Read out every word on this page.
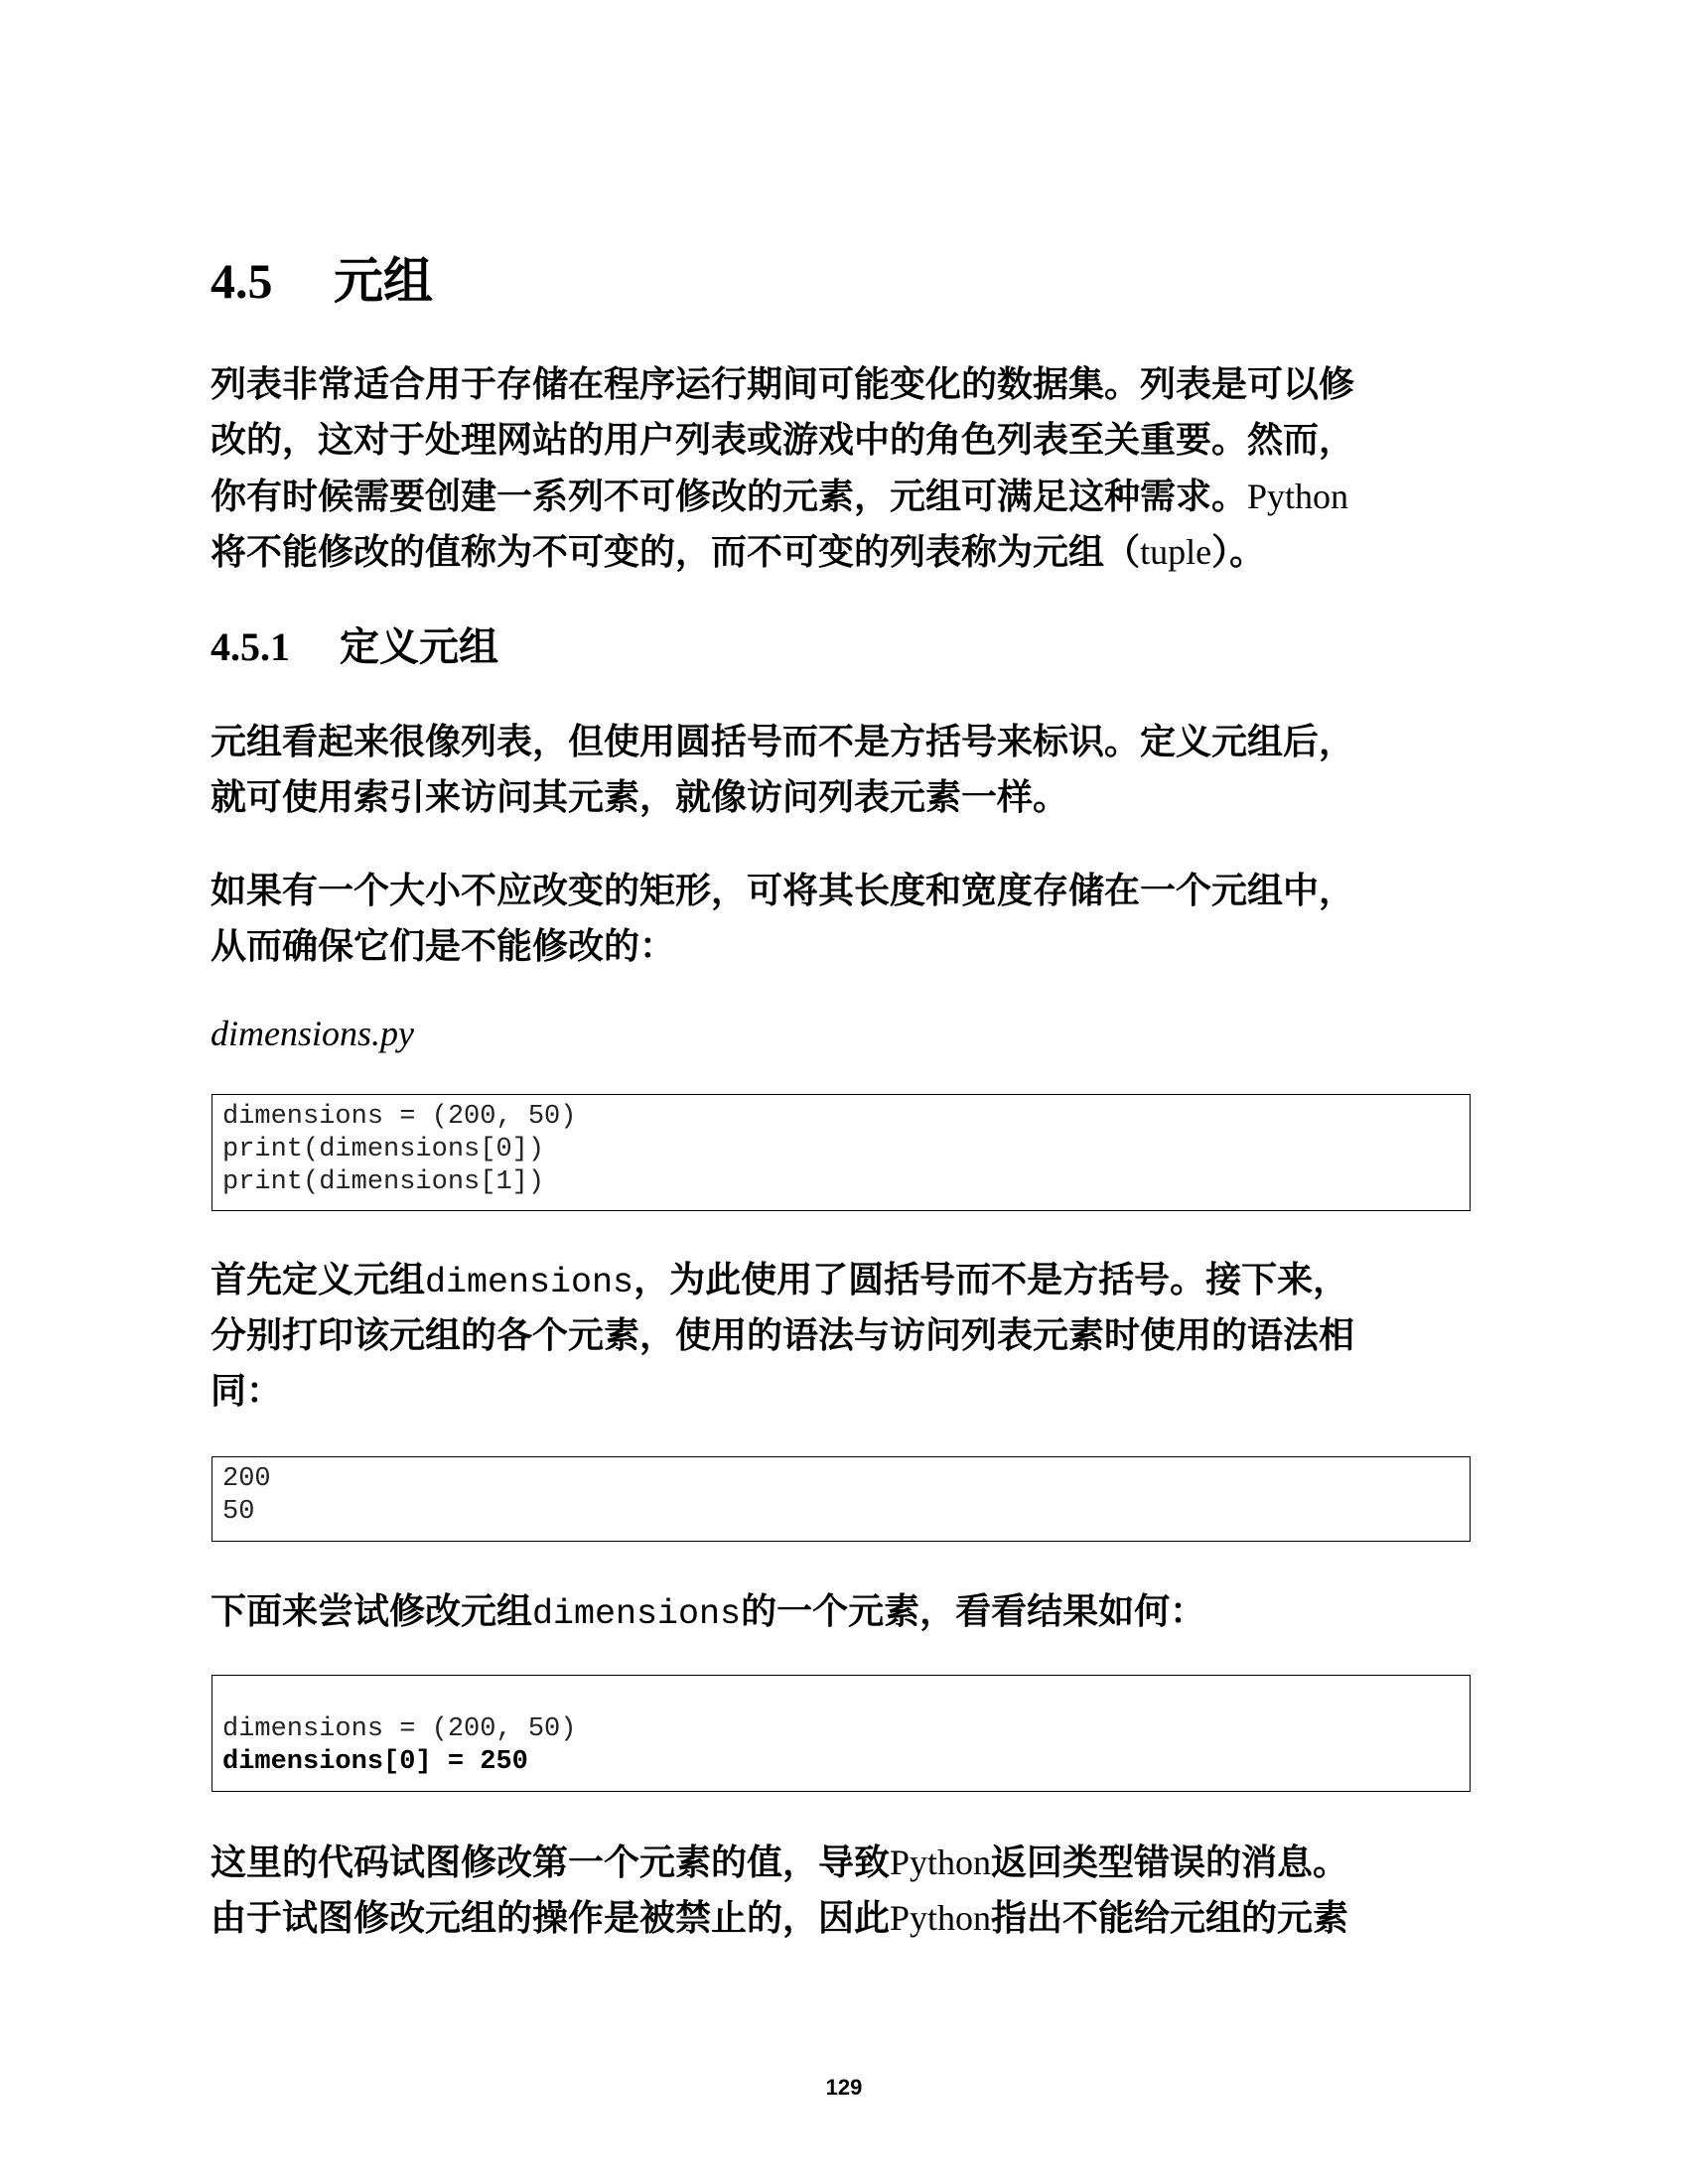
4.5 元组
列表非常适合用于存储在程序运行期间可能变化的数据集。列表是可以修
改的，这对于处理网站的用户列表或游戏中的角色列表至关重要。然而，
你有时候需要创建一系列不可修改的元素，元组可满足这种需求。Python
将不能修改的值称为不可变的，而不可变的列表称为元组（tuple）。
4.5.1 定义元组
元组看起来很像列表，但使用圆括号而不是方括号来标识。定义元组后，
就可使用索引来访问其元素，就像访问列表元素一样。
如果有一个大小不应改变的矩形，可将其长度和宽度存储在一个元组中，
从而确保它们是不能修改的：
dimensions.py
dimensions = (200, 50)
print(dimensions[0])
print(dimensions[1])
首先定义元组dimensions，为此使用了圆括号而不是方括号。接下来，
分别打印该元组的各个元素，使用的语法与访问列表元素时使用的语法相
同：
200
50
下面来尝试修改元组dimensions的一个元素，看看结果如何：
dimensions = (200, 50)
dimensions[0] = 250
这里的代码试图修改第一个元素的值，导致Python返回类型错误的消息。
由于试图修改元组的操作是被禁止的，因此Python指出不能给元组的元素
129
